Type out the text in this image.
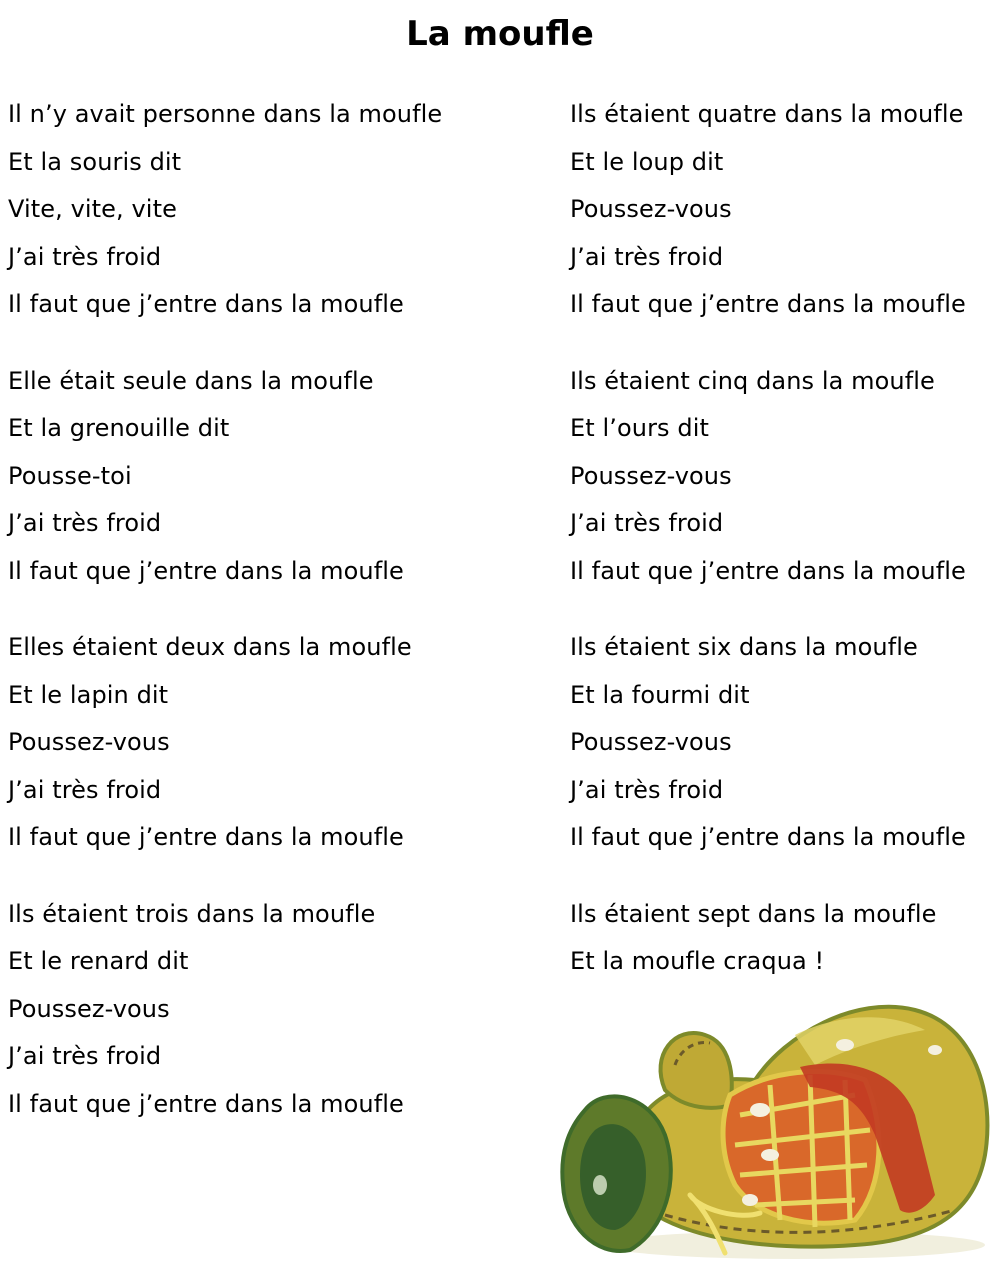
La moufle
Il n’y avait personne dans la moufle
Et la souris dit
Vite, vite, vite
J’ai très froid
Il faut que j’entre dans la moufle
Elle était seule dans la moufle
Et la grenouille dit
Pousse-toi
J’ai très froid
Il faut que j’entre dans la moufle
Elles étaient deux dans la moufle
Et le lapin dit
Poussez-vous
J’ai très froid
Il faut que j’entre dans la moufle
Ils étaient trois dans la moufle
Et le renard dit
Poussez-vous
J’ai très froid
Il faut que j’entre dans la moufle
Ils étaient quatre dans la moufle
Et le loup dit
Poussez-vous
J’ai très froid
Il faut que j’entre dans la moufle
Ils étaient cinq dans la moufle
Et l’ours dit
Poussez-vous
J’ai très froid
Il faut que j’entre dans la moufle
Ils étaient six dans la moufle
Et la fourmi dit
Poussez-vous
J’ai très froid
Il faut que j’entre dans la moufle
Ils étaient sept dans la moufle
Et la moufle craqua !
